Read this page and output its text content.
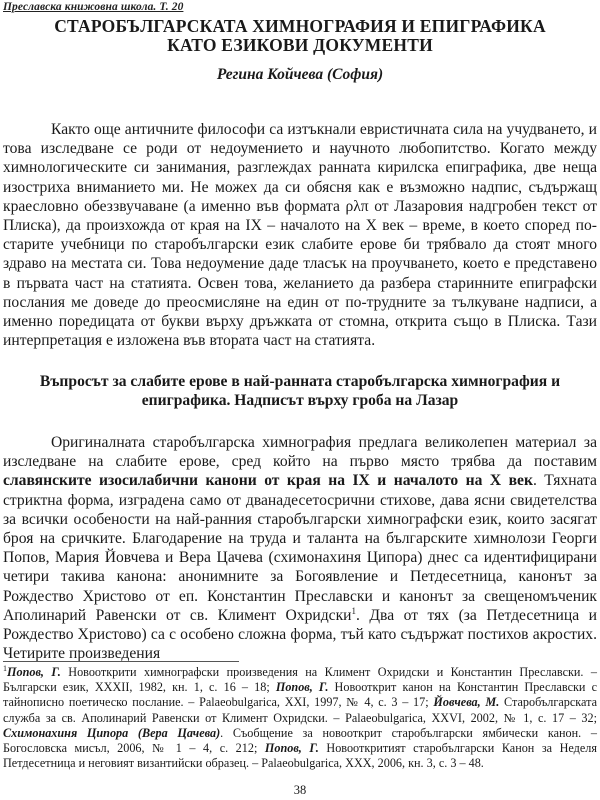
Преславска книжовна школа. Т. 20
СТАРОБЪЛГАРСКАТА ХИМНОГРАФИЯ И ЕПИГРАФИКА
КАТО ЕЗИКОВИ ДОКУМЕНТИ
Регина Койчева (София)

Както още античните философи са изтъкнали евристичната сила на учудването, и това изследване се роди от недоумението и научното любопитство. Когато между химнологическите си занимания, разглеждах ранната кирилска епиграфика, две неща изостриха вниманието ми. Не можех да си обясня как е възможно надпис, съдържащ краесловно обеззвучаване (а именно във формата ρλπ от Лазаровия надгробен текст от Плиска), да произхожда от края на IX – началото на X век – време, в което според по-старите учебници по старобългарски език слабите ерове би трябвало да стоят много здраво на местата си. Това недоумение даде тласък на проучването, което е представено в първата част на статията. Освен това, желанието да разбера старинните епиграфски послания ме доведе до преосмисляне на един от по-трудните за тълкуване надписи, а именно поредицата от букви върху дръжката от стомна, открита също в Плиска. Тази интерпретация е изложена във втората част на статията.

Въпросът за слабите ерове в най-ранната старобългарска химнография и
епиграфика. Надписът върху гроба на Лазар

Оригиналната старобългарска химнография предлага великолепен материал за изследване на слабите ерове, сред който на първо място трябва да поставим славянските изосилабични канони от края на IX и началото на X век. Тяхната стриктна форма, изградена само от дванадесетосрични стихове, дава ясни свидетелства за всички особености на най-ранния старобългарски химнографски език, които засягат броя на сричките. Благодарение на труда и таланта на българските химнолози Георги Попов, Мария Йовчева и Вера Цачева (схимонахиня Ципора) днес са идентифицирани четири такива канона: анонимните за Богоявление и Петдесетница, канонът за Рождество Христово от еп. Константин Преславски и канонът за свещеномъченик Аполинарий Равенски от св. Климент Охридски$^1$. Два от тях (за Петдесетница и Рождество Христово) са с особено сложна форма, тъй като съдържат постихов акростих. Четирите произведения

$^1$Попов, Г. Новооткрити химнографски произведения на Климент Охридски и Константин Преславски. – Български език, XXXII, 1982, кн. 1, с. 16 – 18; Попов, Г. Новооткрит канон на Константин Преславски с тайнописно поетическо послание. – Palaeobulgarica, XXI, 1997, № 4, с. 3 – 17; Йовчева, М. Старобългарската служба за св. Аполинарий Равенски от Климент Охридски. – Palaeobulgarica, XXVI, 2002, № 1, с. 17 – 32; Схимонахиня Ципора (Вера Цачева). Съобщение за новооткрит старобългарски ямбически канон. – Богословска мисъл, 2006, № 1 – 4, с. 212; Попов, Г. Новооткритият старобългарски Канон за Неделя Петдесетница и неговият византийски образец. – Palaeobulgarica, XXX, 2006, кн. 3, с. 3 – 48.

38
